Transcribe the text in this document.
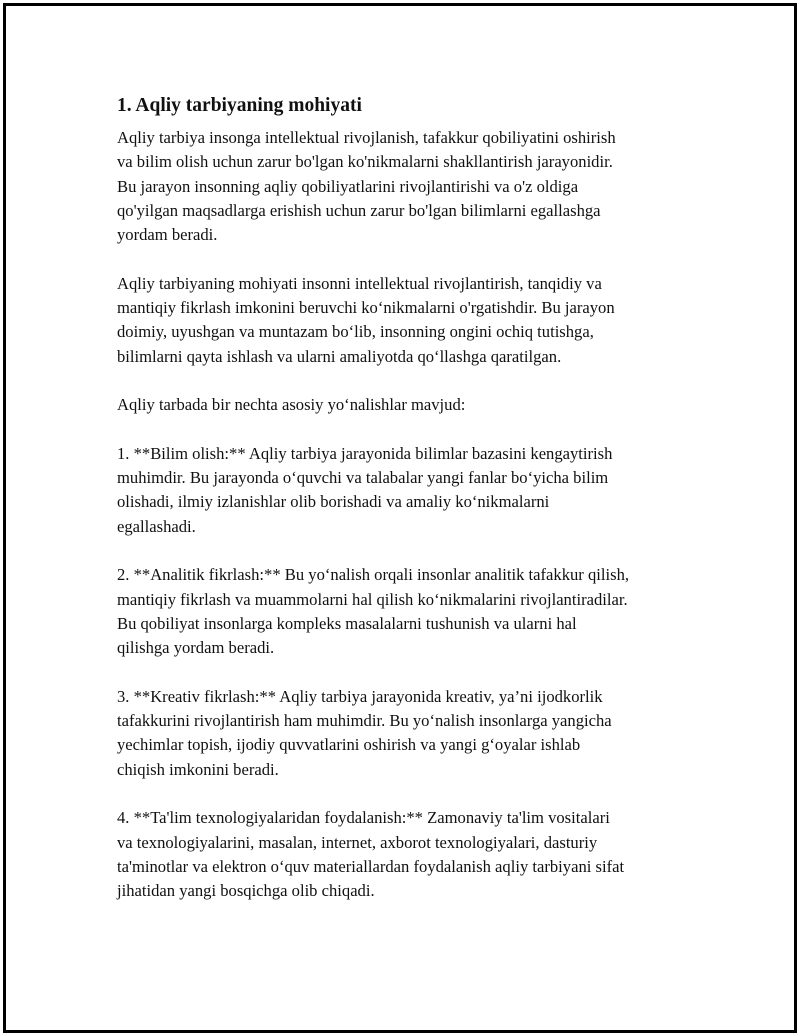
1. Aqliy tarbiyaning mohiyati
Aqliy tarbiya insonga intellektual rivojlanish, tafakkur qobiliyatini oshirish
va bilim olish uchun zarur bo'lgan ko'nikmalarni shakllantirish jarayonidir.
Bu jarayon insonning aqliy qobiliyatlarini rivojlantirishi va o'z oldiga
qo'yilgan maqsadlarga erishish uchun zarur bo'lgan bilimlarni egallashga
yordam beradi.
Aqliy tarbiyaning mohiyati insonni intellektual rivojlantirish, tanqidiy va
mantiqiy fikrlash imkonini beruvchi ko‘nikmalarni o'rgatishdir. Bu jarayon
doimiy, uyushgan va muntazam bo‘lib, insonning ongini ochiq tutishga,
bilimlarni qayta ishlash va ularni amaliyotda qo‘llashga qaratilgan.
Aqliy tarbada bir nechta asosiy yo‘nalishlar mavjud:
1. **Bilim olish:** Aqliy tarbiya jarayonida bilimlar bazasini kengaytirish
muhimdir. Bu jarayonda o‘quvchi va talabalar yangi fanlar bo‘yicha bilim
olishadi, ilmiy izlanishlar olib borishadi va amaliy ko‘nikmalarni
egallashadi.
2. **Analitik fikrlash:** Bu yo‘nalish orqali insonlar analitik tafakkur qilish,
mantiqiy fikrlash va muammolarni hal qilish ko‘nikmalarini rivojlantiradilar.
Bu qobiliyat insonlarga kompleks masalalarni tushunish va ularni hal
qilishga yordam beradi.
3. **Kreativ fikrlash:** Aqliy tarbiya jarayonida kreativ, ya’ni ijodkorlik
tafakkurini rivojlantirish ham muhimdir. Bu yo‘nalish insonlarga yangicha
yechimlar topish, ijodiy quvvatlarini oshirish va yangi g‘oyalar ishlab
chiqish imkonini beradi.
4. **Ta'lim texnologiyalaridan foydalanish:** Zamonaviy ta'lim vositalari
va texnologiyalarini, masalan, internet, axborot texnologiyalari, dasturiy
ta'minotlar va elektron o‘quv materiallardan foydalanish aqliy tarbiyani sifat
jihatidan yangi bosqichga olib chiqadi.
